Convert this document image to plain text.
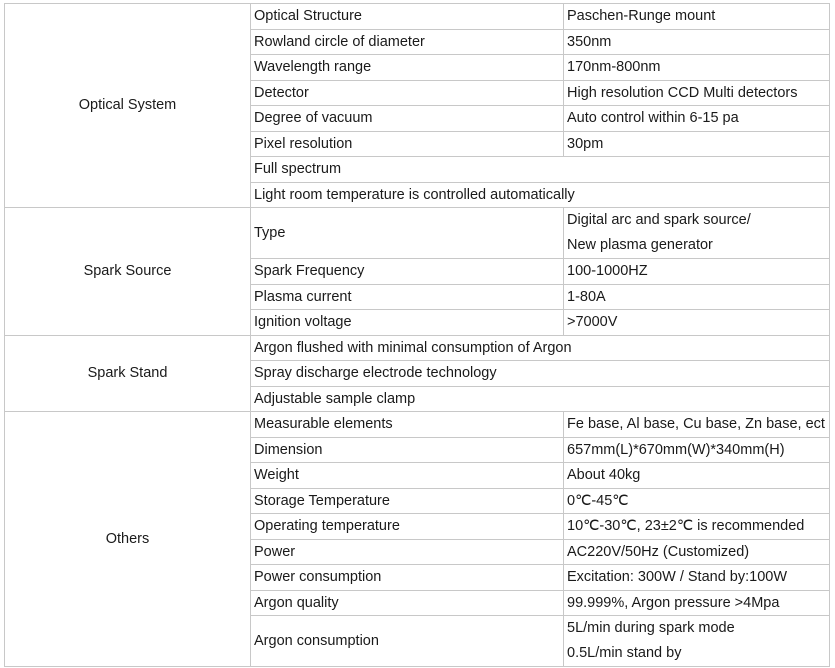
Optical System	Optical Structure	Paschen-Runge mount
	Rowland circle of diameter	350nm
	Wavelength range	170nm-800nm
	Detector	High resolution CCD Multi detectors
	Degree of vacuum	Auto control within 6-15 pa
	Pixel resolution	30pm
	Full spectrum	
	Light room temperature is controlled automatically	
Spark Source	Type	Digital arc and spark source/
New plasma generator

	Spark Frequency	100-1000HZ
	Plasma current	1-80A
	Ignition voltage	>7000V

Spark Stand	Argon flushed with minimal consumption of Argon	
	Spray discharge electrode technology	
	Adjustable sample clamp	
Others	Measurable elements	Fe base, Al base, Cu base, Zn base, ect
	Dimension	657mm(L)*670mm(W)*340mm(H)
	Weight	About 40kg
	Storage Temperature	0℃-45℃
	Operating temperature	10℃-30℃, 23±2℃ is recommended
	Power	AC220V/50Hz (Customized)
	Power consumption	Excitation: 300W / Stand by:100W
	Argon quality	99.999%, Argon pressure >4Mpa
	Argon consumption	5L/min during spark mode
0.5L/min stand by
